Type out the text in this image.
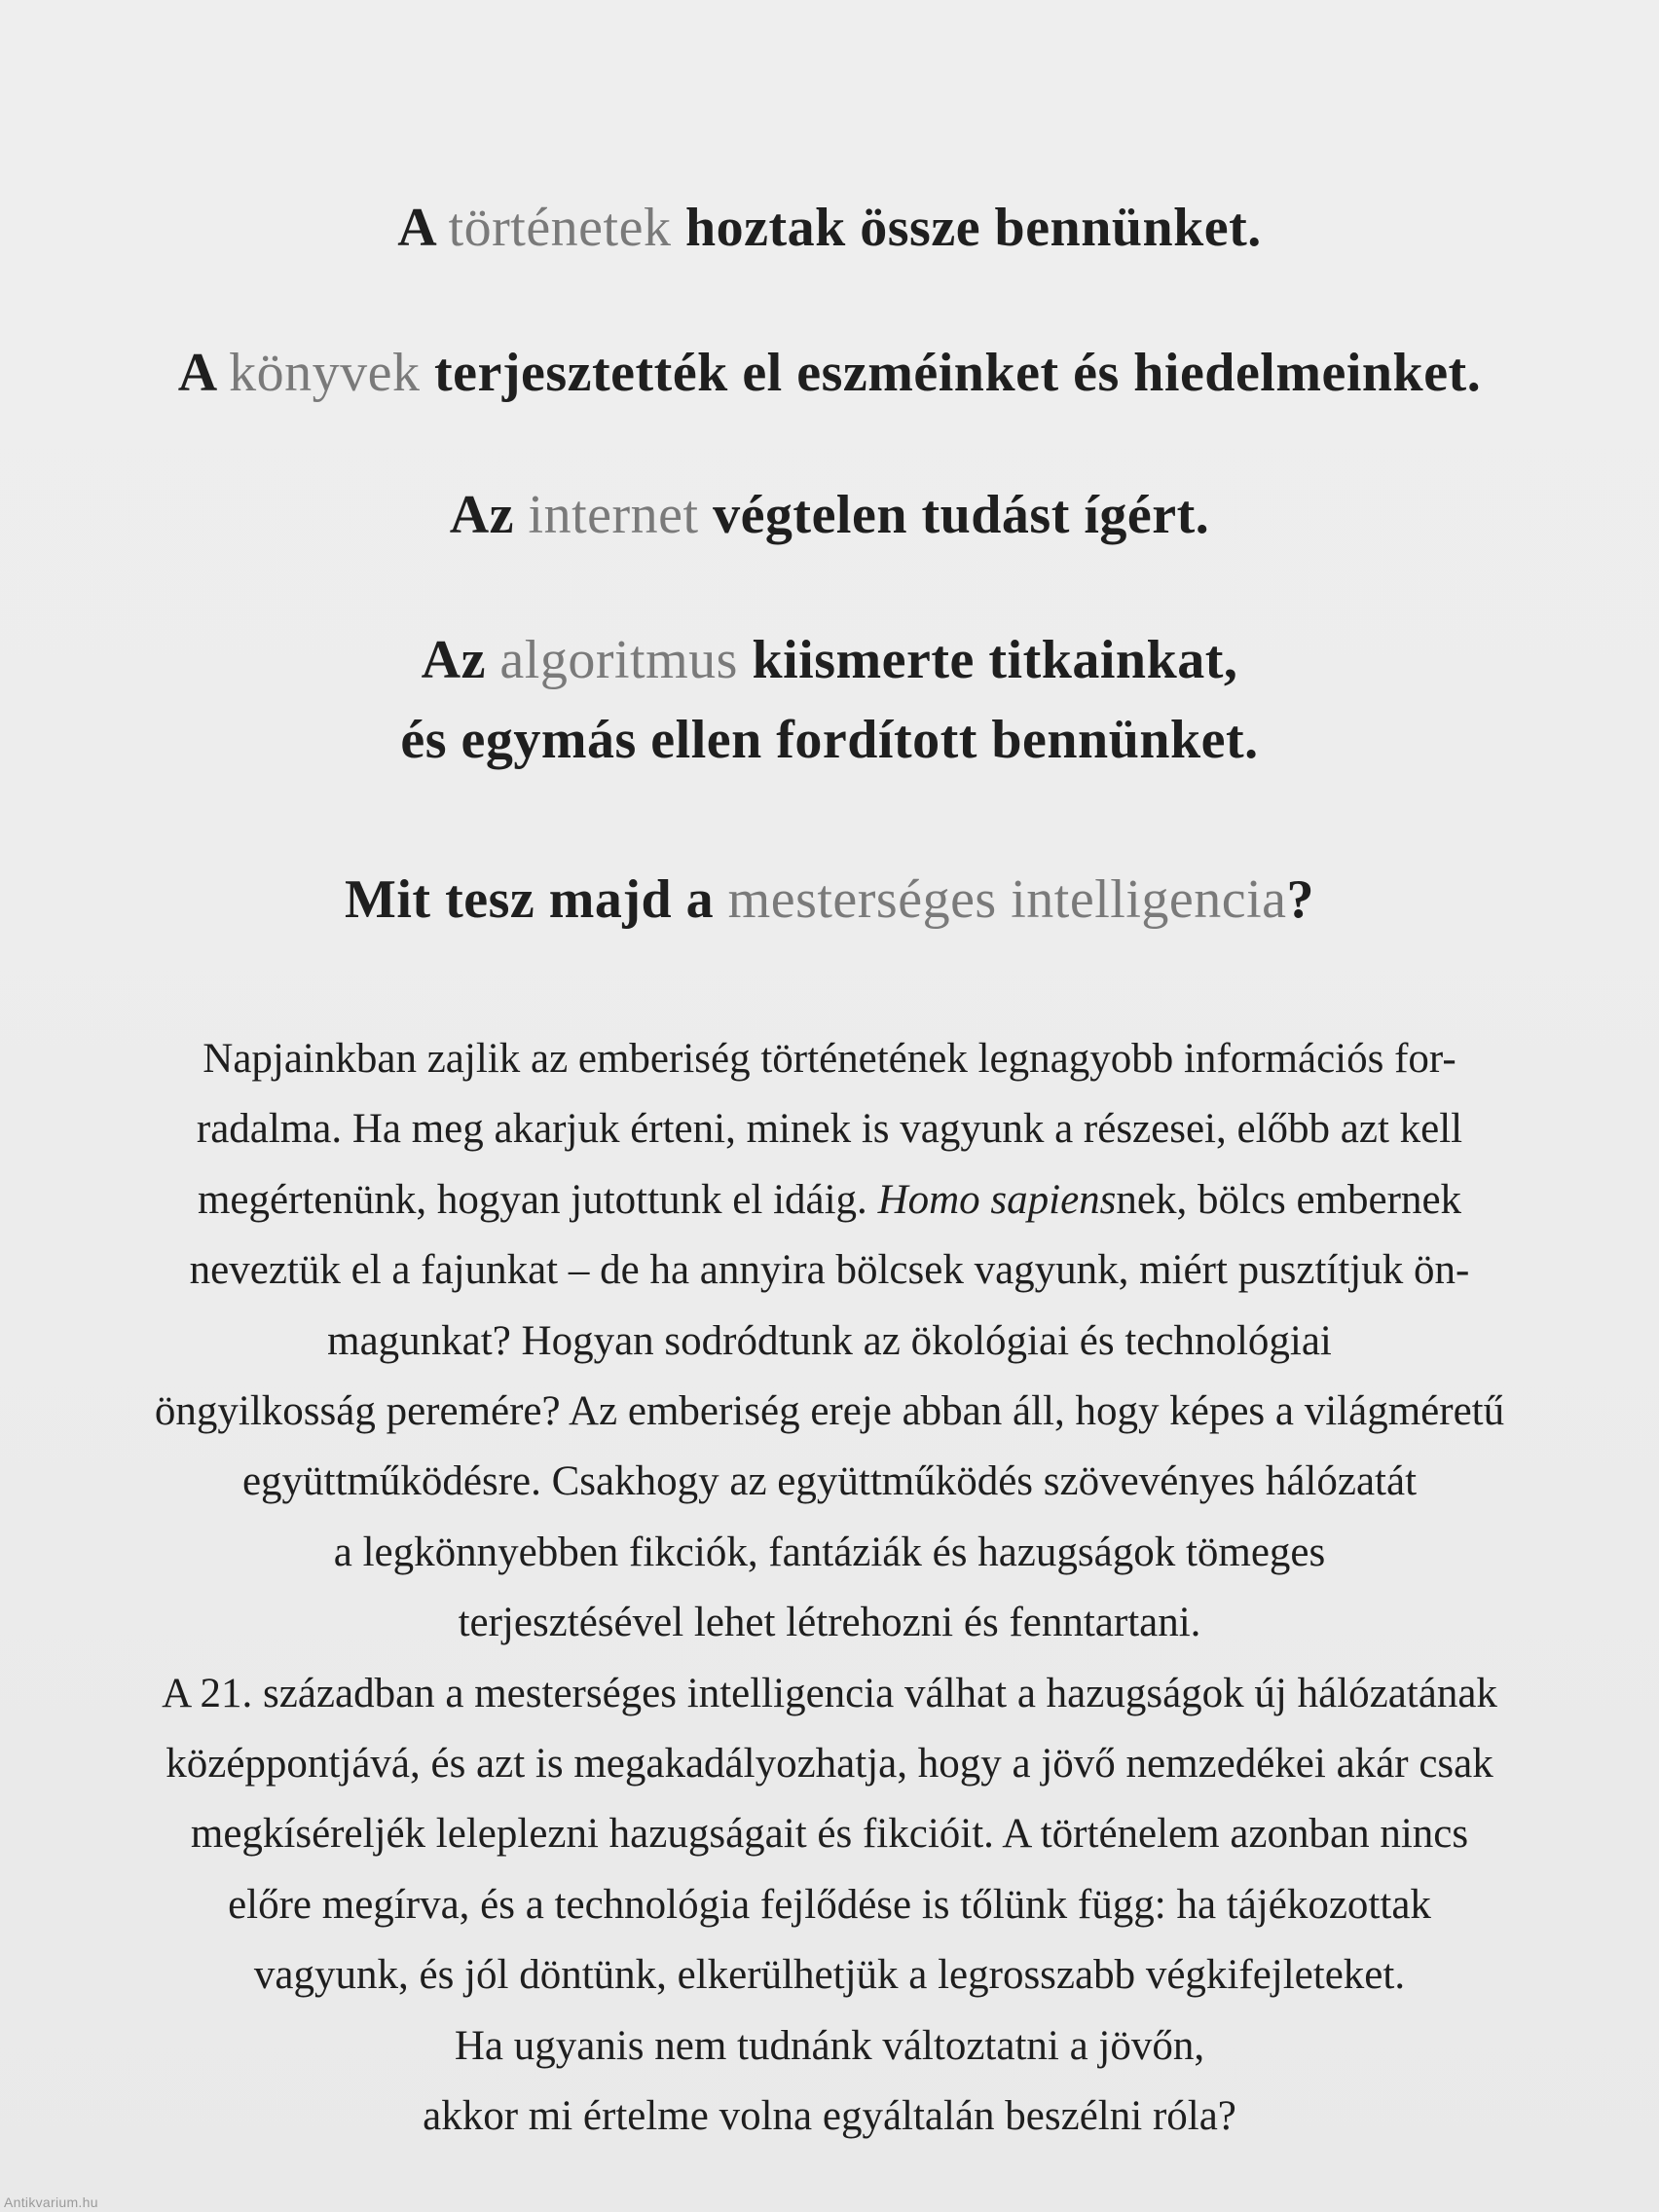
A történetek hoztak össze bennünket.
A könyvek terjesztették el eszméinket és hiedelmeinket.
Az internet végtelen tudást ígért.
Az algoritmus kiismerte titkainkat,
és egymás ellen fordított bennünket.
Mit tesz majd a mesterséges intelligencia?
Napjainkban zajlik az emberiség történetének legnagyobb információs for-
radalma. Ha meg akarjuk érteni, minek is vagyunk a részesei, előbb azt kell
megértenünk, hogyan jutottunk el idáig. Homo sapiensnek, bölcs embernek
neveztük el a fajunkat – de ha annyira bölcsek vagyunk, miért pusztítjuk ön-
magunkat? Hogyan sodródtunk az ökológiai és technológiai
öngyilkosság peremére? Az emberiség ereje abban áll, hogy képes a világméretű
együttműködésre. Csakhogy az együttműködés szövevényes hálózatát
a legkönnyebben fikciók, fantáziák és hazugságok tömeges
terjesztésével lehet létrehozni és fenntartani.
A 21. században a mesterséges intelligencia válhat a hazugságok új hálózatának
középpontjává, és azt is megakadályozhatja, hogy a jövő nemzedékei akár csak
megkíséreljék leleplezni hazugságait és fikcióit. A történelem azonban nincs
előre megírva, és a technológia fejlődése is tőlünk függ: ha tájékozottak
vagyunk, és jól döntünk, elkerülhetjük a legrosszabb végkifejleteket.
Ha ugyanis nem tudnánk változtatni a jövőn,
akkor mi értelme volna egyáltalán beszélni róla?
Antikvarium.hu
